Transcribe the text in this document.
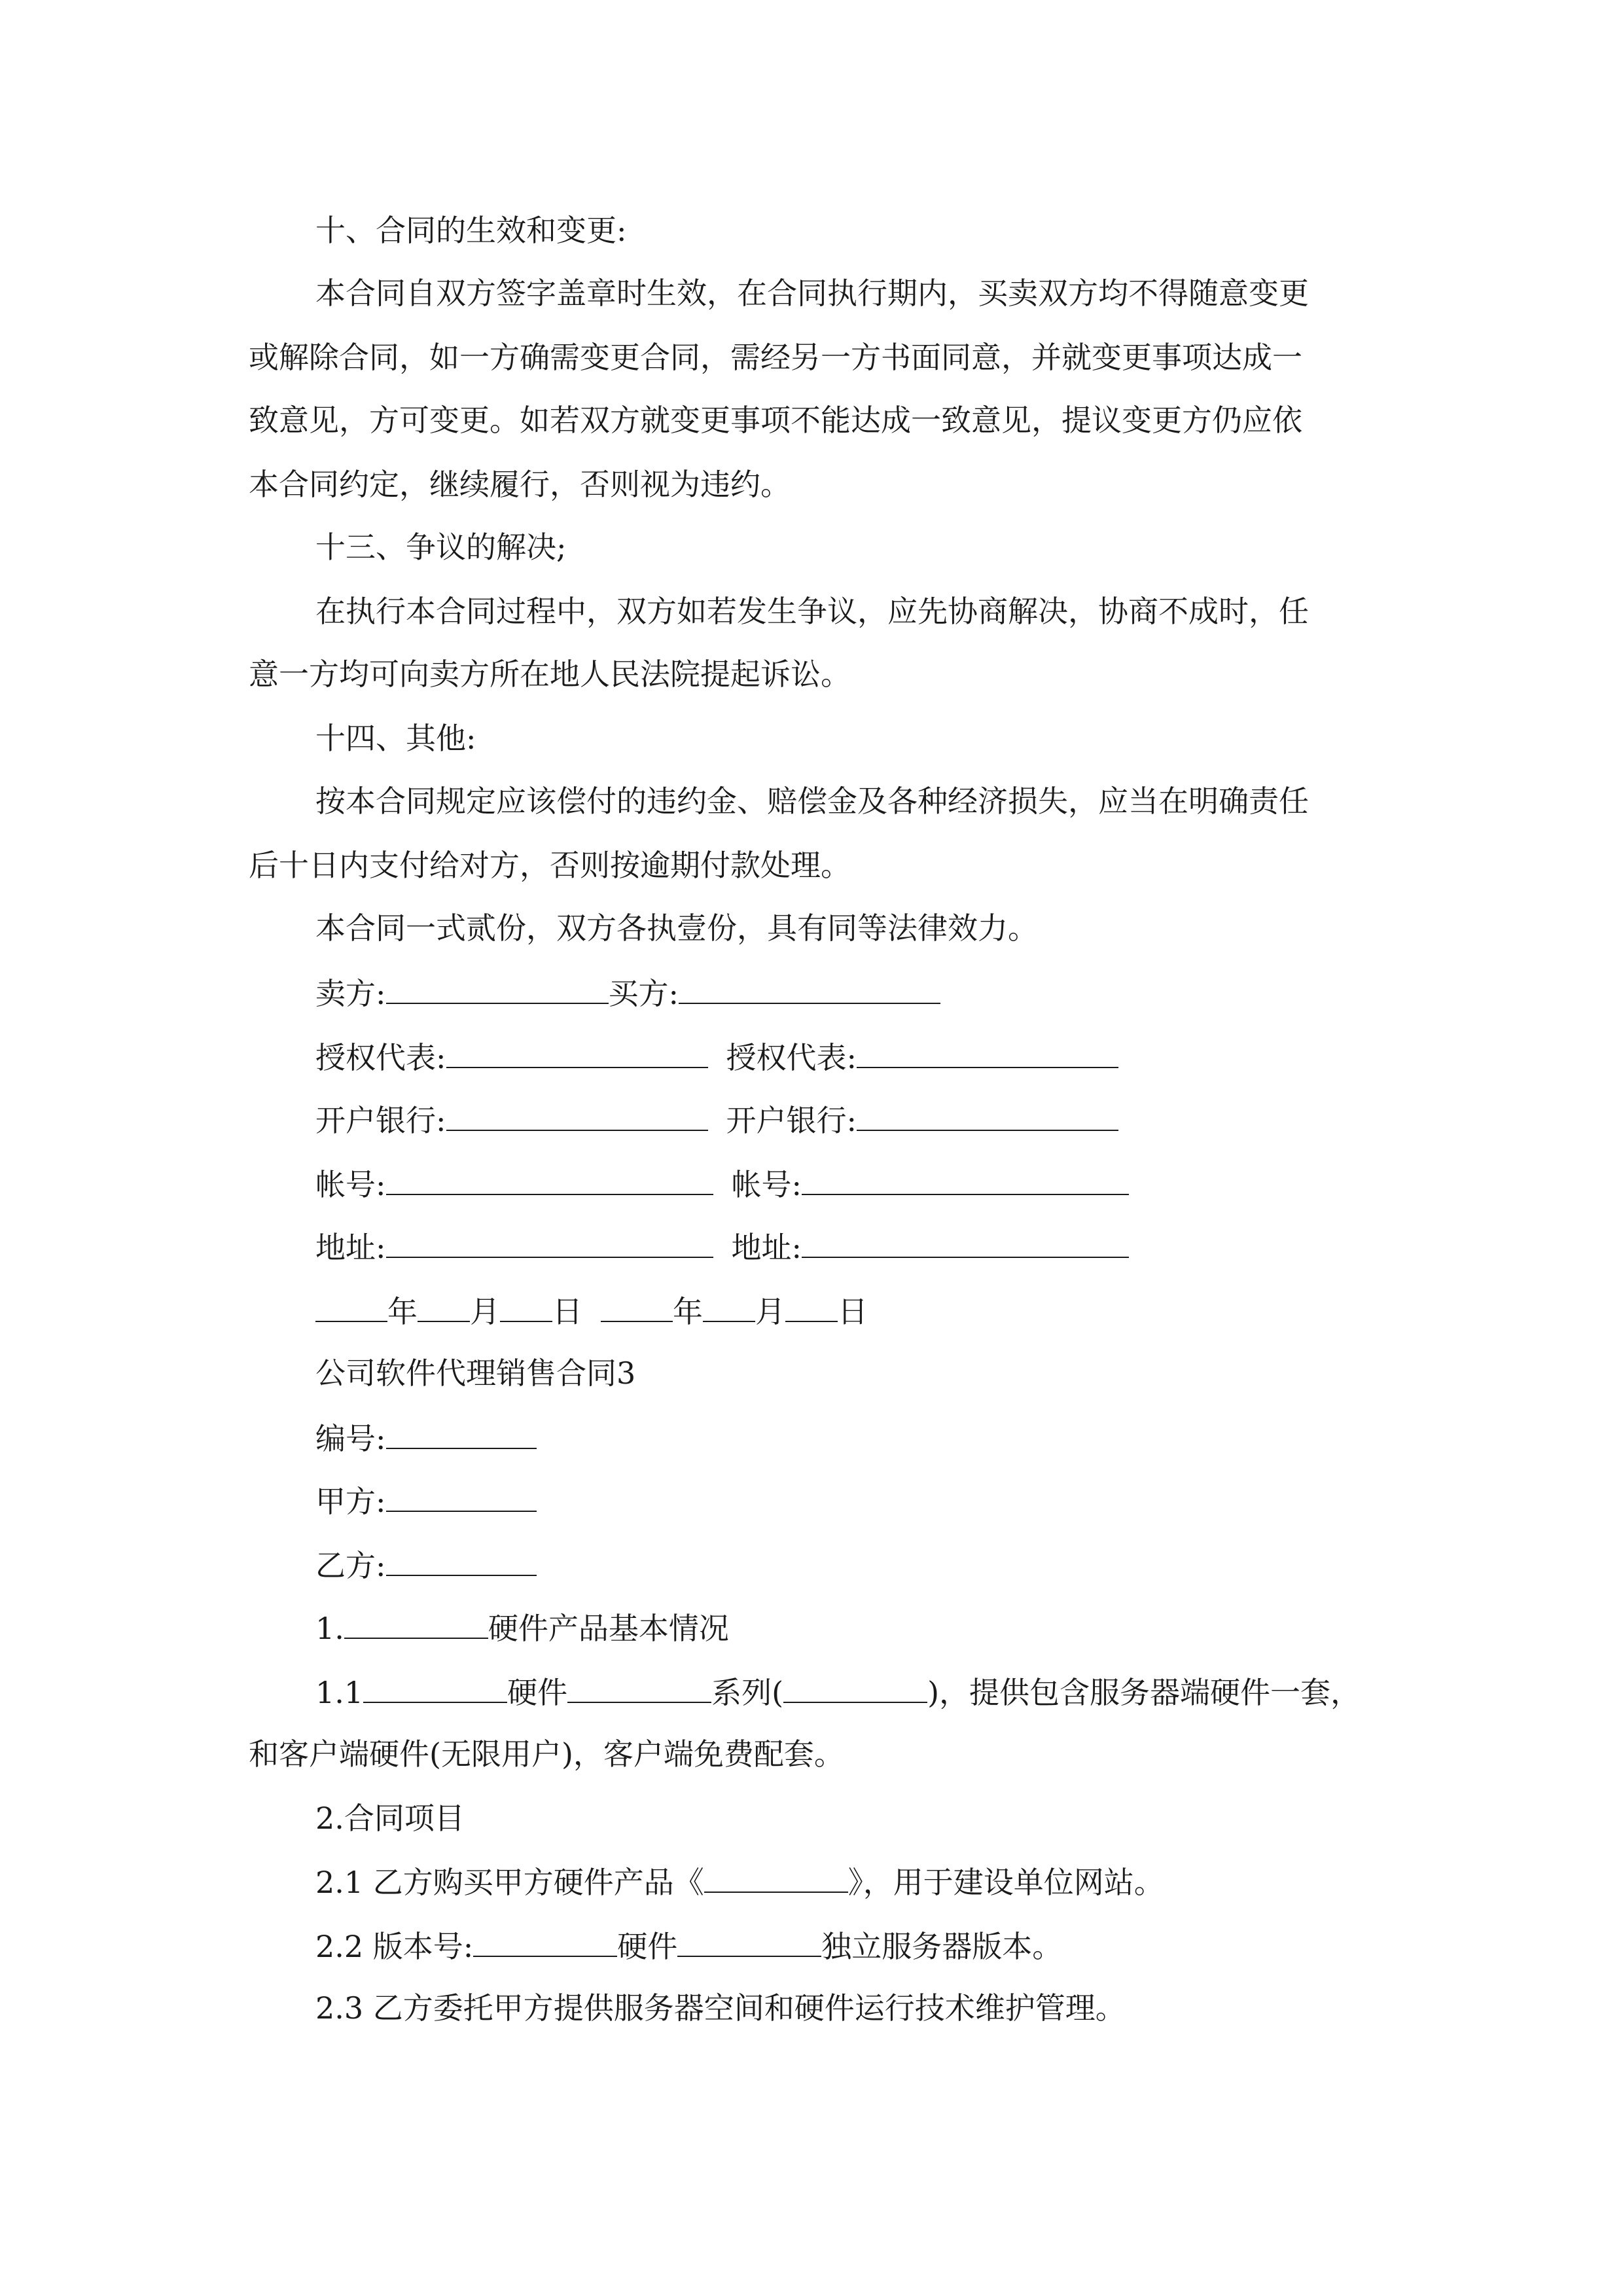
十、合同的生效和变更:

本合同自双方签字盖章时生效，在合同执行期内，买卖双方均不得随意变更

或解除合同，如一方确需变更合同，需经另一方书面同意，并就变更事项达成一

致意见，方可变更。如若双方就变更事项不能达成一致意见，提议变更方仍应依

本合同约定，继续履行，否则视为违约。

十三、争议的解决;

在执行本合同过程中，双方如若发生争议，应先协商解决，协商不成时，任

意一方均可向卖方所在地人民法院提起诉讼。

十四、其他:

按本合同规定应该偿付的违约金、赔偿金及各种经济损失，应当在明确责任

后十日内支付给对方，否则按逾期付款处理。

本合同一式贰份，双方各执壹份，具有同等法律效力。

卖方:	买方:

授权代表:	授权代表:

开户银行:	开户银行:

帐号:	帐号:

地址:	地址:

年 月 日	年 月 日

公司软件代理销售合同3

编号:

甲方:

乙方:

1.	硬件产品基本情况

1.1	硬件	系列(	)，提供包含服务器端硬件一套，

和客户端硬件(无限用户)，客户端免费配套。

2.合同项目

2.1 乙方购买甲方硬件产品《	》，用于建设单位网站。

2.2 版本号:	硬件	独立服务器版本。

2.3 乙方委托甲方提供服务器空间和硬件运行技术维护管理。
